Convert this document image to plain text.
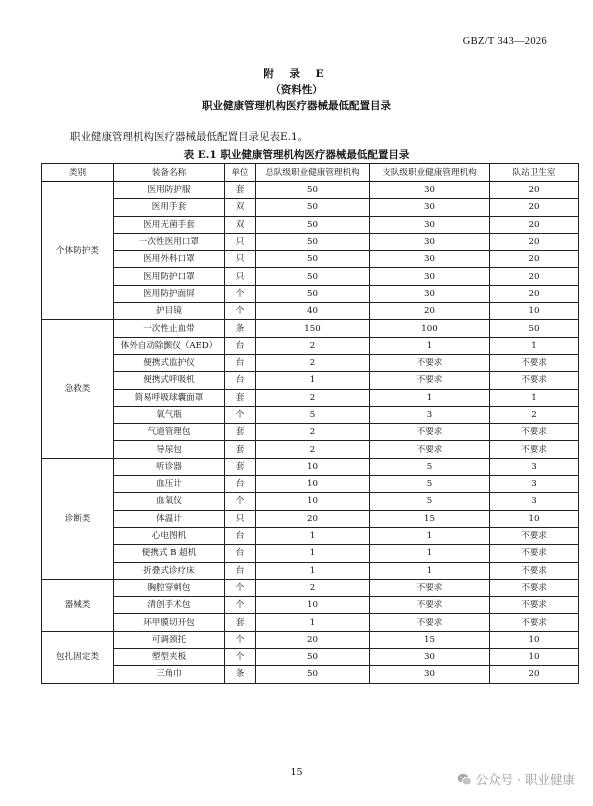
GBZ/T 343—2026
附 录 E
（资料性）
职业健康管理机构医疗器械最低配置目录
职业健康管理机构医疗器械最低配置目录见表E.1。
表 E.1 职业健康管理机构医疗器械最低配置目录
类别	装备名称	单位	总队级职业健康管理机构	支队级职业健康管理机构	队站卫生室
个体防护类	医用防护服	套	50	30	20
	医用手套	双	50	30	20
	医用无菌手套	双	50	30	20
	一次性医用口罩	只	50	30	20
	医用外科口罩	只	50	30	20
	医用防护口罩	只	50	30	20
	医用防护面屏	个	50	30	20
	护目镜	个	40	20	10
急救类	一次性止血带	条	150	100	50
	体外自动除颤仪（AED）	台	2	1	1
	便携式监护仪	台	2	不要求	不要求
	便携式呼吸机	台	1	不要求	不要求
	简易呼吸球囊面罩	套	2	1	1
	氧气瓶	个	5	3	2
	气道管理包	套	2	不要求	不要求
	导尿包	套	2	不要求	不要求
诊断类	听诊器	套	10	5	3
	血压计	台	10	5	3
	血氧仪	个	10	5	3
	体温计	只	20	15	10
	心电图机	台	1	1	不要求
	便携式 B 超机	台	1	1	不要求
	折叠式诊疗床	台	1	1	不要求
器械类	胸腔穿刺包	个	2	不要求	不要求
	清创手术包	个	10	不要求	不要求
	环甲膜切开包	套	1	不要求	不要求
包扎固定类	可调颈托	个	20	15	10
	塑型夹板	个	50	30	10
	三角巾	条	50	30	20
15	公众号 · 职业健康
